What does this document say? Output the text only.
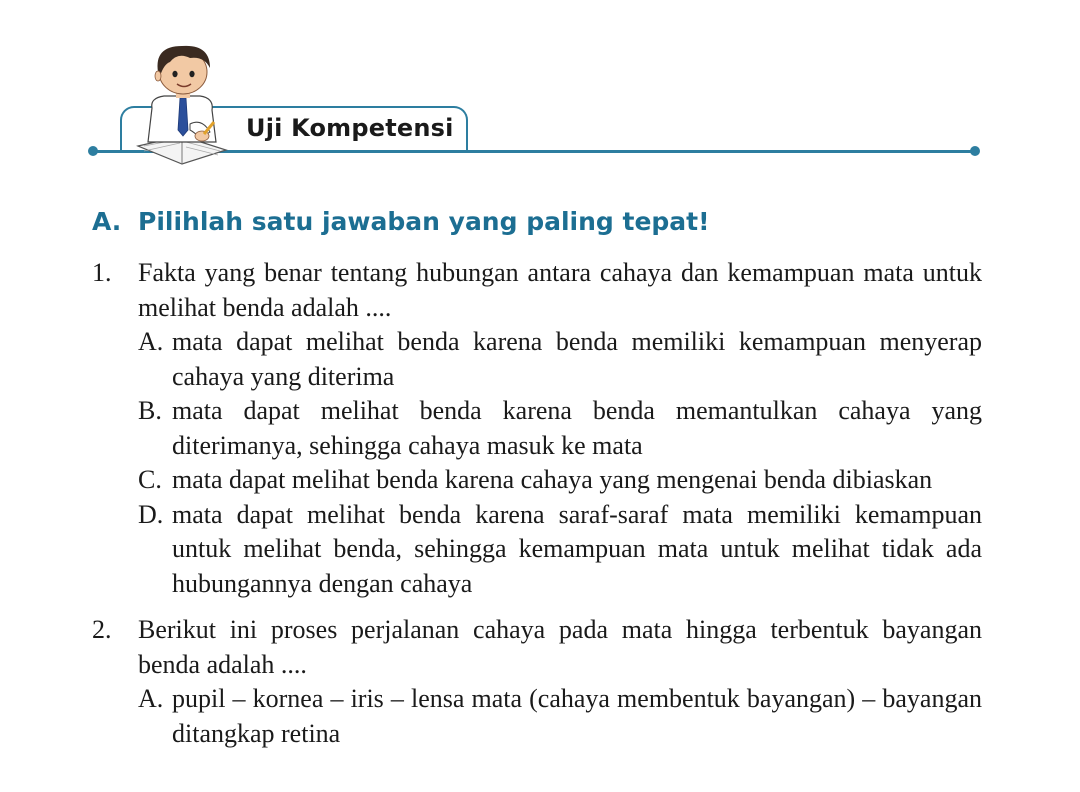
Uji Kompetensi
A. Pilihlah satu jawaban yang paling tepat!
1. Fakta yang benar tentang hubungan antara cahaya dan kemampuan mata untuk melihat benda adalah ....
A. mata dapat melihat benda karena benda memiliki kemampuan menyerap cahaya yang diterima
B. mata dapat melihat benda karena benda memantulkan cahaya yang diterimanya, sehingga cahaya masuk ke mata
C. mata dapat melihat benda karena cahaya yang mengenai benda dibiaskan
D. mata dapat melihat benda karena saraf-saraf mata memiliki kemampuan untuk melihat benda, sehingga kemampuan mata untuk melihat tidak ada hubungannya dengan cahaya
2. Berikut ini proses perjalanan cahaya pada mata hingga terbentuk bayangan benda adalah ....
A. pupil – kornea – iris – lensa mata (cahaya membentuk bayangan) – bayangan ditangkap retina
